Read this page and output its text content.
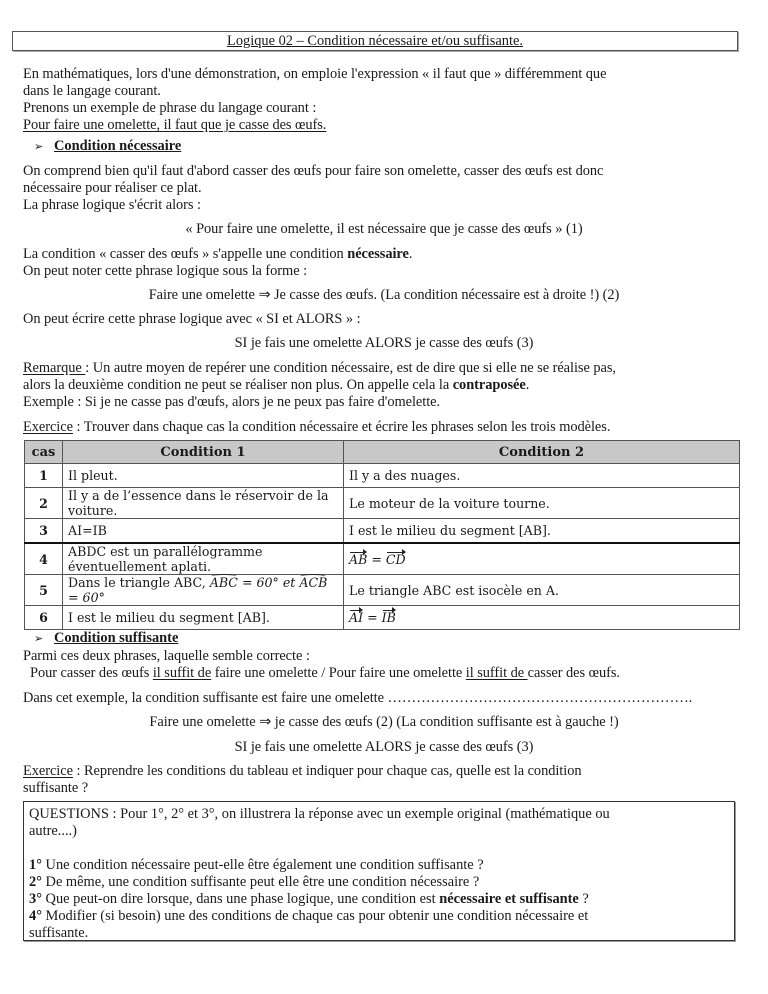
Logique 02 – Condition nécessaire et/ou suffisante.
En mathématiques, lors d'une démonstration, on emploie l'expression « il faut que » différemment que
dans le langage courant.
Prenons un exemple de phrase du langage courant :
Pour faire une omelette, il faut que je casse des œufs.
➢ Condition nécessaire
On comprend bien qu'il faut d'abord casser des œufs pour faire son omelette, casser des œufs est donc
nécessaire pour réaliser ce plat.
La phrase logique s'écrit alors :
« Pour faire une omelette, il est nécessaire que je casse des œufs » (1)
La condition « casser des œufs » s'appelle une condition nécessaire.
On peut noter cette phrase logique sous la forme :
Faire une omelette ⇒ Je casse des œufs. (La condition nécessaire est à droite !) (2)
On peut écrire cette phrase logique avec « SI et ALORS » :
SI je fais une omelette ALORS je casse des œufs (3)
Remarque : Un autre moyen de repérer une condition nécessaire, est de dire que si elle ne se réalise pas,
alors la deuxième condition ne peut se réaliser non plus. On appelle cela la contraposée.
Exemple : Si je ne casse pas d'œufs, alors je ne peux pas faire d'omelette.
Exercice : Trouver dans chaque cas la condition nécessaire et écrire les phrases selon les trois modèles.
cas	Condition 1	Condition 2
1	Il pleut.	Il y a des nuages.
2	Il y a de l’essence dans le réservoir de la voiture.	Le moteur de la voiture tourne.
3	AI=IB	I est le milieu du segment [AB].
4	ABDC est un parallélogramme éventuellement aplati.	AB = CD
5	Dans le triangle ABC, ABC = 60° et ACB = 60°	Le triangle ABC est isocèle en A.
6	I est le milieu du segment [AB].	AI = IB
➢ Condition suffisante
Parmi ces deux phrases, laquelle semble correcte :
Pour casser des œufs il suffit de faire une omelette / Pour faire une omelette il suffit de casser des œufs.
Dans cet exemple, la condition suffisante est faire une omelette ……………………………………………………….
Faire une omelette ⇒ je casse des œufs (2) (La condition suffisante est à gauche !)
SI je fais une omelette ALORS je casse des œufs (3)
Exercice : Reprendre les conditions du tableau et indiquer pour chaque cas, quelle est la condition
suffisante ?

QUESTIONS : Pour 1°, 2° et 3°, on illustrera la réponse avec un exemple original (mathématique ou

autre....)

1° Une condition nécessaire peut-elle être également une condition suffisante ?

2° De même, une condition suffisante peut elle être une condition nécessaire ?

3° Que peut-on dire lorsque, dans une phase logique, une condition est nécessaire et suffisante ?

4° Modifier (si besoin) une des conditions de chaque cas pour obtenir une condition nécessaire et

suffisante.
